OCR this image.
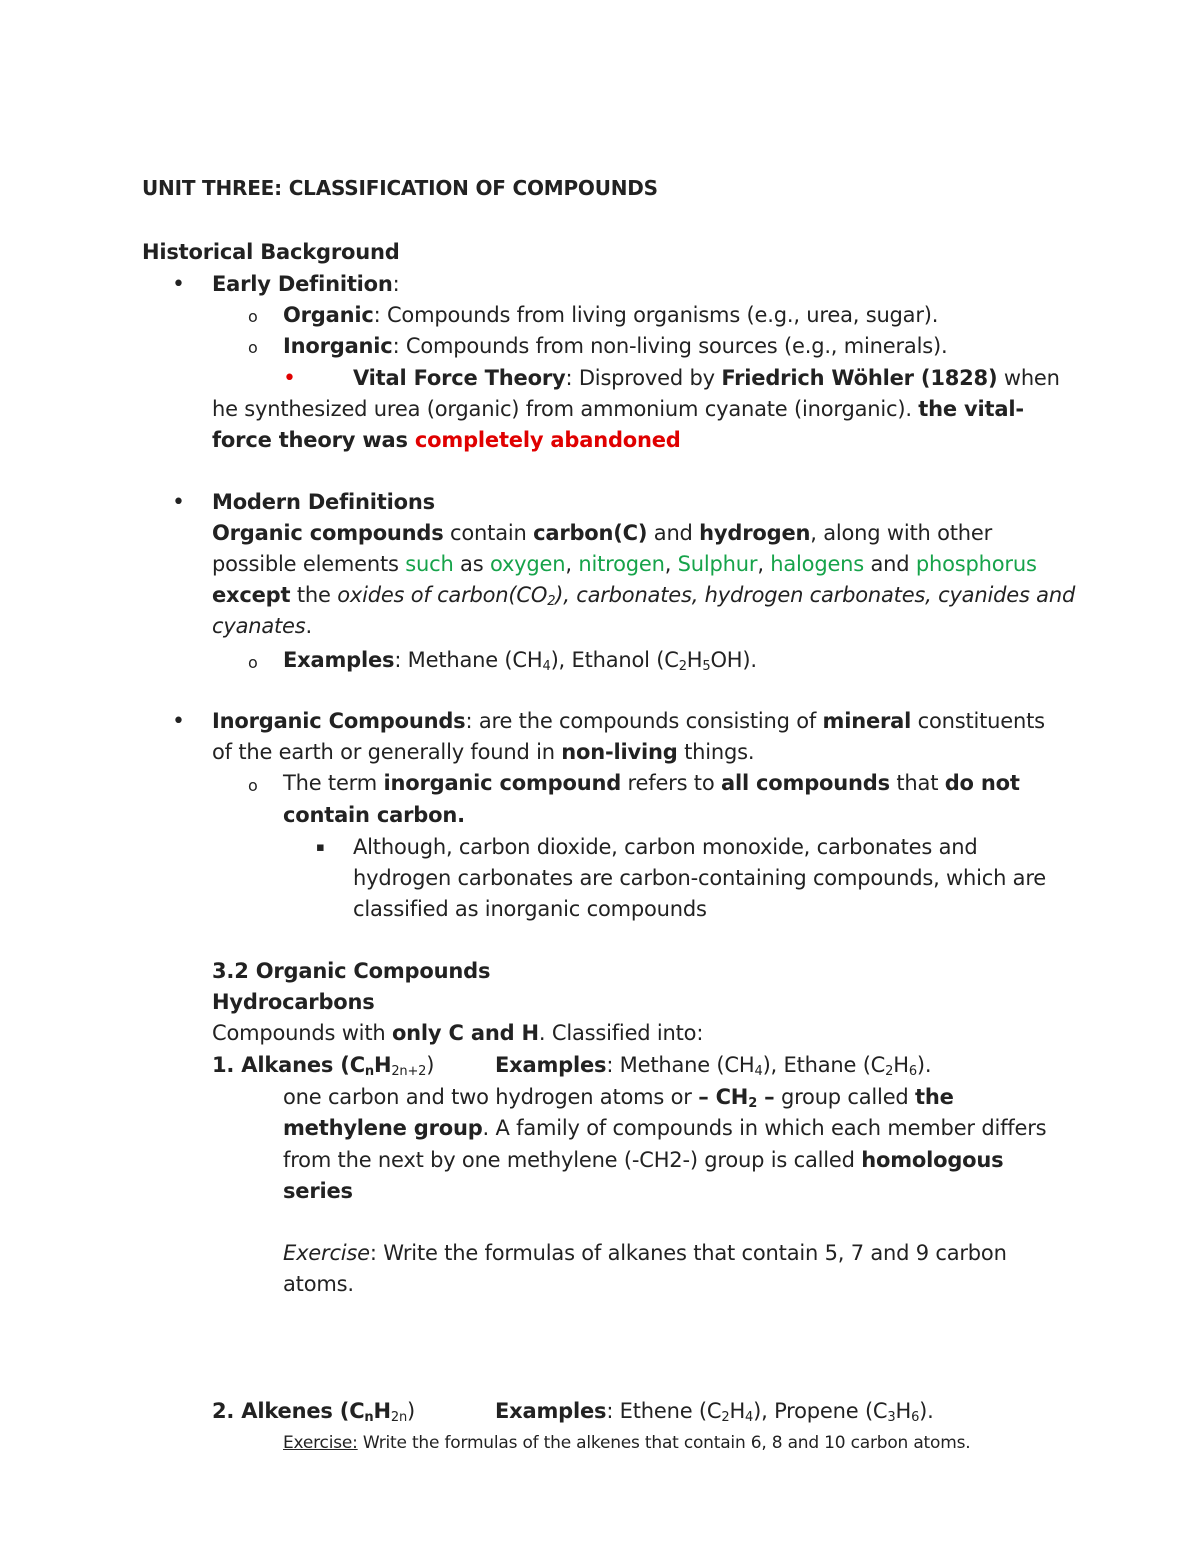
UNIT THREE: CLASSIFICATION OF COMPOUNDS
Historical Background
• Early Definition:
o Organic: Compounds from living organisms (e.g., urea, sugar).
o Inorganic: Compounds from non-living sources (e.g., minerals).
•	Vital Force Theory: Disproved by Friedrich Wöhler (1828) when
he synthesized urea (organic) from ammonium cyanate (inorganic). the vital-
force theory was completely abandoned
• Modern Definitions
Organic compounds contain carbon(C) and hydrogen, along with other
possible elements such as oxygen, nitrogen, Sulphur, halogens and phosphorus
except the oxides of $carbon(CO_2)$, carbonates, hydrogen carbonates, cyanides and
cyanates.
o Examples: Methane $(CH_4)$, Ethanol $(C_2H_5OH)$.
• Inorganic Compounds: are the compounds consisting of mineral constituents
of the earth or generally found in non-living things.
o The term inorganic compound refers to all compounds that do not
contain carbon.
▪ Although, carbon dioxide, carbon monoxide, carbonates and
hydrogen carbonates are carbon-containing compounds, which are
classified as inorganic compounds
3.2 Organic Compounds
Hydrocarbons
Compounds with only C and H. Classified into:
1. Alkanes $(C_nH_{2n+2})$	Examples: Methane $(CH_4)$, Ethane $(C_2H_6)$.
one carbon and two hydrogen atoms or – $CH_2$ – group called the
methylene group. A family of compounds in which each member differs
from the next by one methylene (-CH2-) group is called homologous
series
Exercise: Write the formulas of alkanes that contain 5, 7 and 9 carbon
atoms.
2. Alkenes $(C_nH_{2n})$	Examples: Ethene $(C_2H_4)$, Propene $(C_3H_6)$.
Exercise: Write the formulas of the alkenes that contain 6, 8 and 10 carbon atoms.
